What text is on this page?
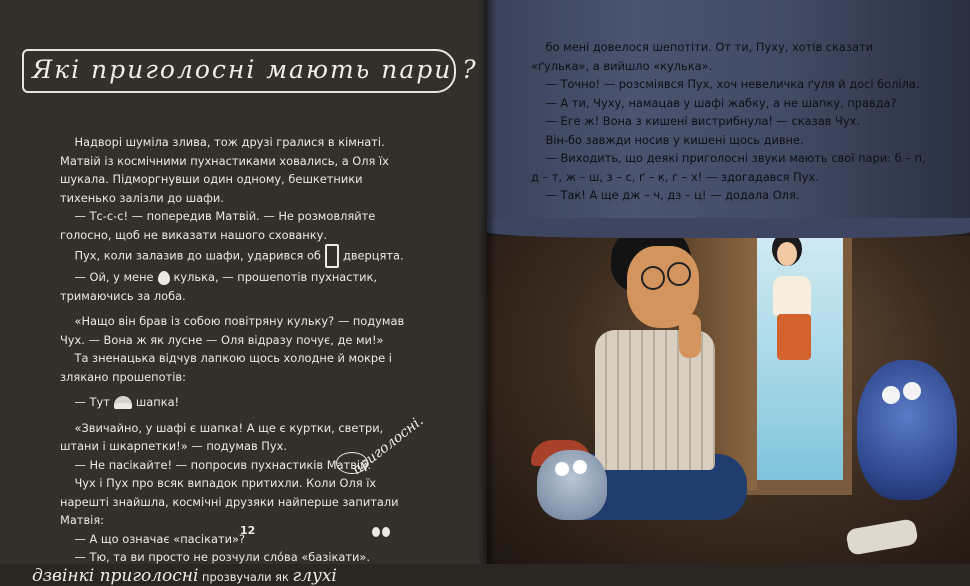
Які приголосні мають пари ?

Надворі шуміла злива, тож друзі гралися в кімнаті. Матвій із космічними пухнастиками ховались, а Оля їх шукала. Підморгнувши один одному, бешкетники тихенько залізли до шафи.

— Тс-с-с! — попередив Матвій. — Не розмовляйте голосно, щоб не виказати нашого схованку.

Пух, коли залазив до шафи, ударився об дверцята.

— Ой, у мене кулька, — прошепотів пухнастик, тримаючись за лоба.

«Нащо він брав із собою повітряну кульку? — подумав Чух. — Вона ж як лусне — Оля відразу почує, де ми!»

Та зненацька відчув лапкою щось холодне й мокре і злякано прошепотів:

— Тут шапка!

«Звичайно, у шафі є шапка! А ще є куртки, светри, штани і шкарпетки!» — подумав Пух.

— Не пасікайте! — попросив пухнастиків Матвій.

Чух і Пух про всяк випадок притихли. Коли Оля їх нарешті знайшла, космічні друзяки найперше запитали Матвія:

— А що означає «пасікати»?

— Тю, та ви просто не розчули слóва «базікати».

дзвінкі приголосні прозвучали як глухі

приголосні.
12

бо мені довелося шепотіти. От ти, Пуху, хотів сказати «ґулька», а вийшло «кулька».

— Точно! — розсміявся Пух, хоч невеличка ґуля й досі боліла.

— А ти, Чуху, намацав у шафі жабку, а не шапку, правда?

— Еге ж! Вона з кишені вистрибнула! — сказав Чух.

Він-бо завжди носив у кишені щось дивне.

— Виходить, що деякі приголосні звуки мають свої пари: б – п, д – т, ж – ш, з – с, ґ – к, г – х! — здогадався Пух.

— Так! А ще дж – ч, дз – ц! — додала Оля.
